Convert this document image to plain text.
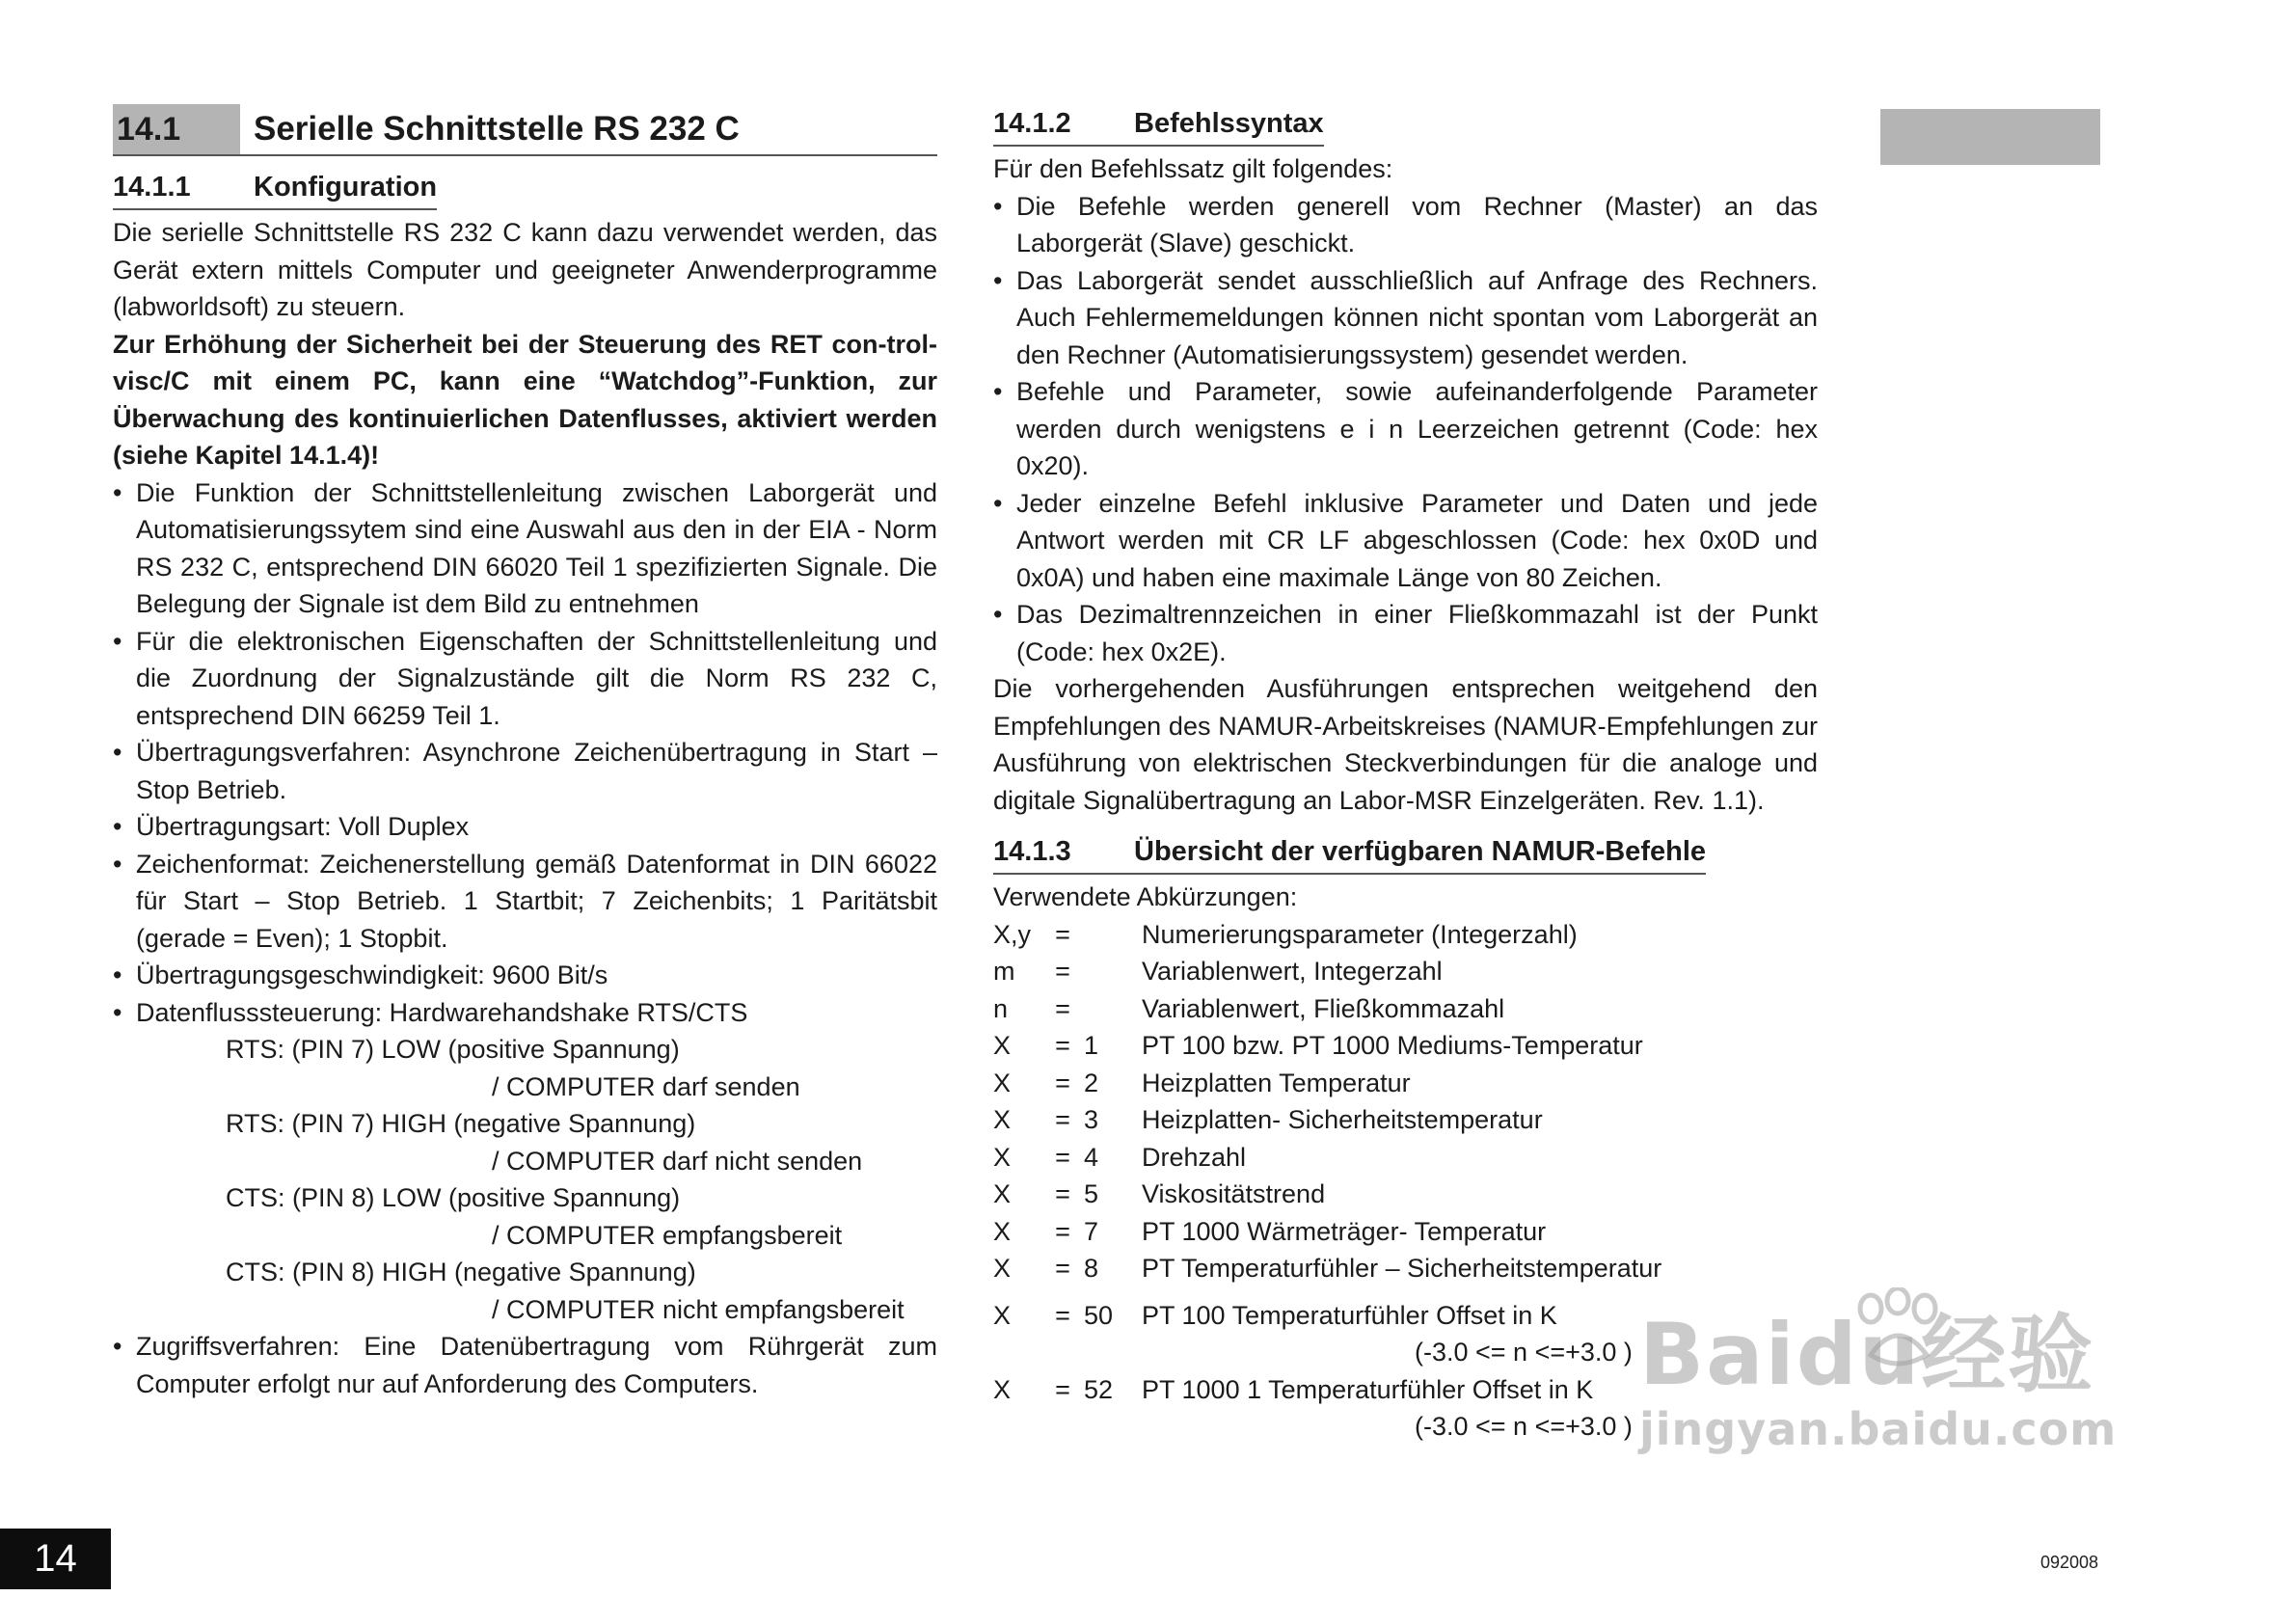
14.1	Serielle Schnittstelle RS 232 C
14.1.1	Konfiguration

Die serielle Schnittstelle RS 232 C kann dazu verwendet werden, das Gerät extern mittels Computer und geeigneter Anwenderprogramme (labworldsoft) zu steuern.

Zur Erhöhung der Sicherheit bei der Steuerung des RET con-trol-visc/C mit einem PC, kann eine “Watchdog”-Funktion, zur Überwachung des kontinuierlichen Datenflusses, aktiviert werden (siehe Kapitel 14.1.4)!

• Die Funktion der Schnittstellenleitung zwischen Laborgerät und Automatisierungssytem sind eine Auswahl aus den in der EIA - Norm RS 232 C, entsprechend DIN 66020 Teil 1 spezifizierten Signale. Die Belegung der Signale ist dem Bild zu entnehmen
• Für die elektronischen Eigenschaften der Schnittstellenleitung und die Zuordnung der Signalzustände gilt die Norm RS 232 C, entsprechend DIN 66259 Teil 1.
• Übertragungsverfahren: Asynchrone Zeichenübertragung in Start – Stop Betrieb.
• Übertragungsart: Voll Duplex
• Zeichenformat: Zeichenerstellung gemäß Datenformat in DIN 66022 für Start – Stop Betrieb. 1 Startbit; 7 Zeichenbits; 1 Paritätsbit (gerade = Even); 1 Stopbit.
• Übertragungsgeschwindigkeit: 9600 Bit/s
• Datenflusssteuerung: Hardwarehandshake RTS/CTS
RTS: (PIN 7) LOW (positive Spannung)
/ COMPUTER darf senden
RTS: (PIN 7) HIGH (negative Spannung)
/ COMPUTER darf nicht senden
CTS: (PIN 8) LOW (positive Spannung)
/ COMPUTER empfangsbereit
CTS: (PIN 8) HIGH (negative Spannung)
/ COMPUTER nicht empfangsbereit
• Zugriffsverfahren: Eine Datenübertragung vom Rührgerät zum Computer erfolgt nur auf Anforderung des Computers.
14.1.2	Befehlssyntax

Für den Befehlssatz gilt folgendes:

• Die Befehle werden generell vom Rechner (Master) an das Laborgerät (Slave) geschickt.
• Das Laborgerät sendet ausschließlich auf Anfrage des Rechners. Auch Fehlermemeldungen können nicht spontan vom Laborgerät an den Rechner (Automatisierungssystem) gesendet werden.
• Befehle und Parameter, sowie aufeinanderfolgende Parameter werden durch wenigstens e i n Leerzeichen getrennt (Code: hex 0x20).
• Jeder einzelne Befehl inklusive Parameter und Daten und jede Antwort werden mit CR LF abgeschlossen (Code: hex 0x0D und 0x0A) und haben eine maximale Länge von 80 Zeichen.
• Das Dezimaltrennzeichen in einer Fließkommazahl ist der Punkt (Code: hex 0x2E).

Die vorhergehenden Ausführungen entsprechen weitgehend den Empfehlungen des NAMUR-Arbeitskreises (NAMUR-Empfehlungen zur Ausführung von elektrischen Steckverbindungen für die analoge und digitale Signalübertragung an Labor-MSR Einzelgeräten. Rev. 1.1).

14.1.3	Übersicht der verfügbaren NAMUR-Befehle

Verwendete Abkürzungen:

X,y =	Numerierungsparameter (Integerzahl)
m	=	Variablenwert, Integerzahl
n	=	Variablenwert, Fließkommazahl
X	= 1	PT 100 bzw. PT 1000 Mediums-Temperatur
X	= 2	Heizplatten Temperatur
X	= 3	Heizplatten- Sicherheitstemperatur
X	= 4	Drehzahl
X	= 5	Viskositätstrend
X	= 7	PT 1000 Wärmeträger- Temperatur
X	= 8	PT Temperaturfühler – Sicherheitstemperatur
X	= 50	PT 100 Temperaturfühler Offset in K
(-3.0 <= n <=+3.0 )
X	= 52	PT 1000 1 Temperaturfühler Offset in K
(-3.0 <= n <=+3.0 )
14	092008
Baidu经验
jingyan.baidu.com
